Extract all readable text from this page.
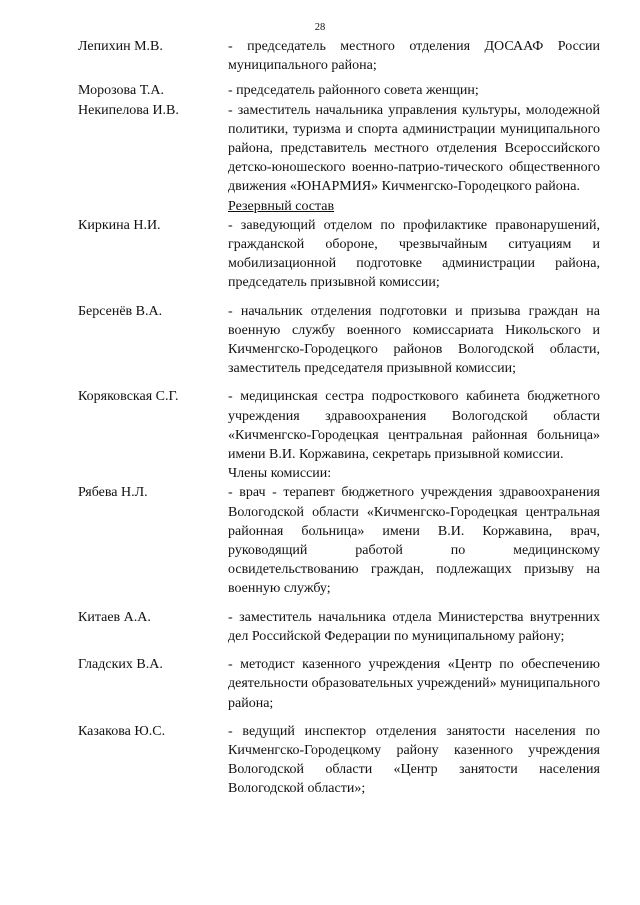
28
Лепихин М.В.	- председатель местного отделения ДОСААФ России муниципального района;
Морозова Т.А.	- председатель районного совета женщин;
Некипелова И.В.	- заместитель начальника управления культуры, молодежной политики, туризма и спорта администрации муниципального района, представитель местного отделения Всероссийского детско-юношеского военно-патрио-тического общественного движения «ЮНАРМИЯ» Кичменгско-Городецкого района.
Резервный состав
Киркина Н.И.	- заведующий отделом по профилактике правонарушений, гражданской обороне, чрезвычайным ситуациям и мобилизационной подготовке администрации района, председатель призывной комиссии;
Берсенёв В.А.	- начальник отделения подготовки и призыва граждан на военную службу военного комиссариата Никольского и Кичменгско-Городецкого районов Вологодской области, заместитель председателя призывной комиссии;
Коряковская С.Г.	- медицинская сестра подросткового кабинета бюджетного учреждения здравоохранения Вологодской области «Кичменгско-Городецкая центральная районная больница» имени В.И. Коржавина, секретарь призывной комиссии.
Члены комиссии:
Рябева Н.Л.	- врач - терапевт бюджетного учреждения здравоохранения Вологодской области «Кичменгско-Городецкая центральная районная больница» имени В.И. Коржавина, врач, руководящий работой по медицинскому освидетельствованию граждан, подлежащих призыву на военную службу;
Китаев А.А.	- заместитель начальника отдела Министерства внутренних дел Российской Федерации по муниципальному району;
Гладских В.А.	- методист казенного учреждения «Центр по обеспечению деятельности образовательных учреждений» муниципального района;
Казакова Ю.С.	- ведущий инспектор отделения занятости населения по Кичменгско-Городецкому району казенного учреждения Вологодской области «Центр занятости населения Вологодской области»;
